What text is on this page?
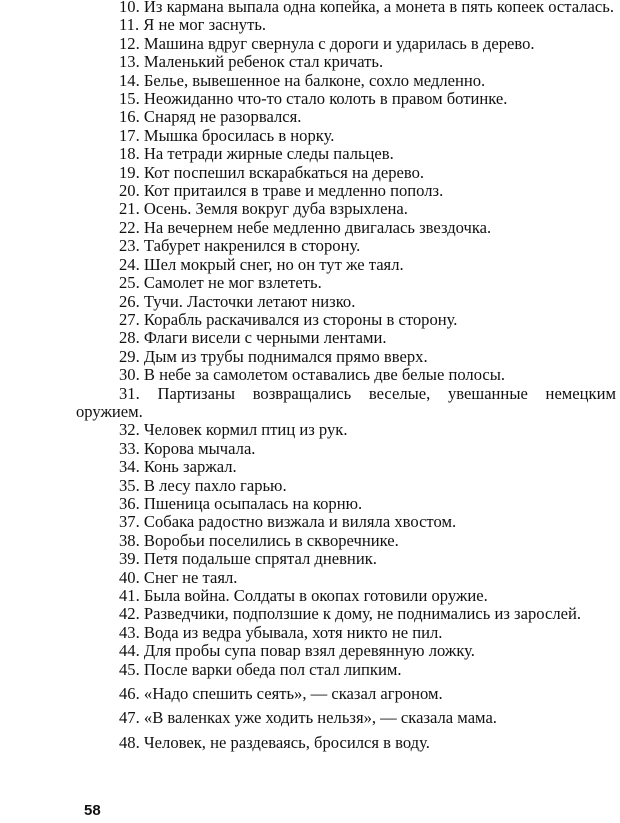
10. Из кармана выпала одна копейка, а монета в пять копеек осталась.
11. Я не мог заснуть.
12. Машина вдруг свернула с дороги и ударилась в дерево.
13. Маленький ребенок стал кричать.
14. Белье, вывешенное на балконе, сохло медленно.
15. Неожиданно что-то стало колоть в правом ботинке.
16. Снаряд не разорвался.
17. Мышка бросилась в норку.
18. На тетради жирные следы пальцев.
19. Кот поспешил вскарабкаться на дерево.
20. Кот притаился в траве и медленно пополз.
21. Осень. Земля вокруг дуба взрыхлена.
22. На вечернем небе медленно двигалась звездочка.
23. Табурет накренился в сторону.
24. Шел мокрый снег, но он тут же таял.
25. Самолет не мог взлететь.
26. Тучи. Ласточки летают низко.
27. Корабль раскачивался из стороны в сторону.
28. Флаги висели с черными лентами.
29. Дым из трубы поднимался прямо вверх.
30. В небе за самолетом оставались две белые полосы.
31. Партизаны возвращались веселые, увешанные немецким оружием.
32. Человек кормил птиц из рук.
33. Корова мычала.
34. Конь заржал.
35. В лесу пахло гарью.
36. Пшеница осыпалась на корню.
37. Собака радостно визжала и виляла хвостом.
38. Воробьи поселились в скворечнике.
39. Петя подальше спрятал дневник.
40. Снег не таял.
41. Была война. Солдаты в окопах готовили оружие.
42. Разведчики, подползшие к дому, не поднимались из зарослей.
43. Вода из ведра убывала, хотя никто не пил.
44. Для пробы супа повар взял деревянную ложку.
45. После варки обеда пол стал липким.
46. «Надо спешить сеять», — сказал агроном.
47. «В валенках уже ходить нельзя», — сказала мама.
48. Человек, не раздеваясь, бросился в воду.
58
